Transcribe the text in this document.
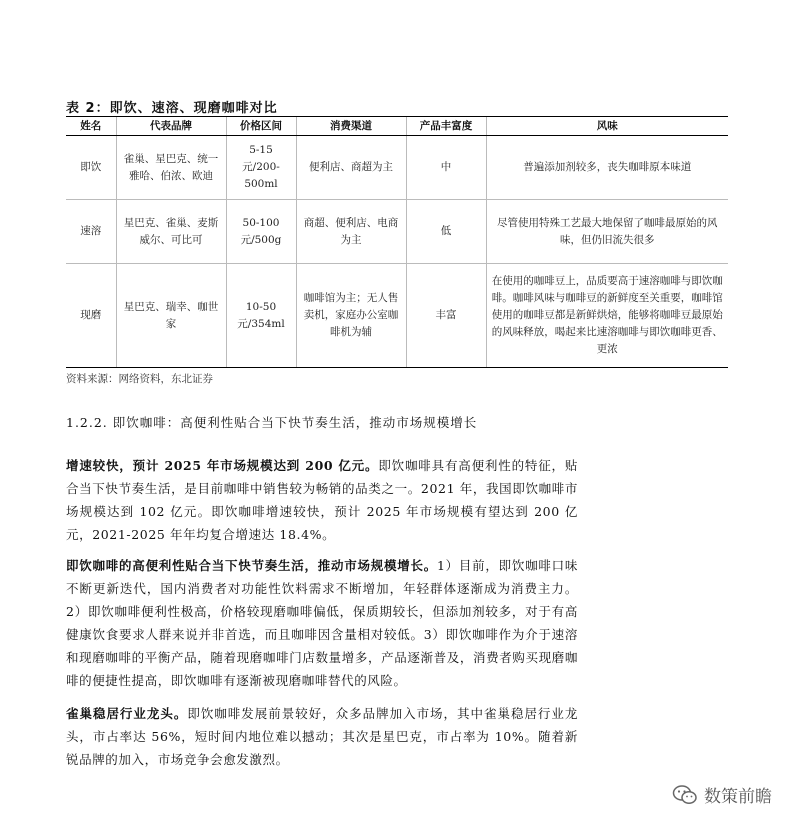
表 2：即饮、速溶、现磨咖啡对比
姓名	代表品牌	价格区间	消费渠道	产品丰富度	风味
即饮	雀巢、星巴克、统一雅哈、伯浓、欧迪	5-15 元/200-500ml	便利店、商超为主	中	普遍添加剂较多，丧失咖啡原本味道
速溶	星巴克、雀巢、麦斯威尔、可比可	50-100 元/500g	商超、便利店、电商为主	低	尽管使用特殊工艺最大地保留了咖啡最原始的风味，但仍旧流失很多
现磨	星巴克、瑞幸、咖世家	10-50 元/354ml	咖啡馆为主；无人售卖机，家庭办公室咖啡机为辅	丰富	在使用的咖啡豆上，品质要高于速溶咖啡与即饮咖啡。咖啡风味与咖啡豆的新鲜度至关重要，咖啡馆使用的咖啡豆都是新鲜烘焙，能够将咖啡豆最原始的风味释放，喝起来比速溶咖啡与即饮咖啡更香、更浓
资料来源：网络资料，东北证券
1.2.2. 即饮咖啡：高便利性贴合当下快节奏生活，推动市场规模增长

增速较快，预计 2025 年市场规模达到 200 亿元。即饮咖啡具有高便利性的特征，贴合当下快节奏生活，是目前咖啡中销售较为畅销的品类之一。2021 年，我国即饮咖啡市场规模达到 102 亿元。即饮咖啡增速较快，预计 2025 年市场规模有望达到 200 亿元，2021-2025 年年均复合增速达 18.4%。

即饮咖啡的高便利性贴合当下快节奏生活，推动市场规模增长。1）目前，即饮咖啡口味不断更新迭代，国内消费者对功能性饮料需求不断增加，年轻群体逐渐成为消费主力。2）即饮咖啡便利性极高，价格较现磨咖啡偏低，保质期较长，但添加剂较多，对于有高健康饮食要求人群来说并非首选，而且咖啡因含量相对较低。3）即饮咖啡作为介于速溶和现磨咖啡的平衡产品，随着现磨咖啡门店数量增多，产品逐渐普及，消费者购买现磨咖啡的便捷性提高，即饮咖啡有逐渐被现磨咖啡替代的风险。

雀巢稳居行业龙头。即饮咖啡发展前景较好，众多品牌加入市场，其中雀巢稳居行业龙头，市占率达 56%，短时间内地位难以撼动；其次是星巴克，市占率为 10%。随着新锐品牌的加入，市场竞争会愈发激烈。

数策前瞻
